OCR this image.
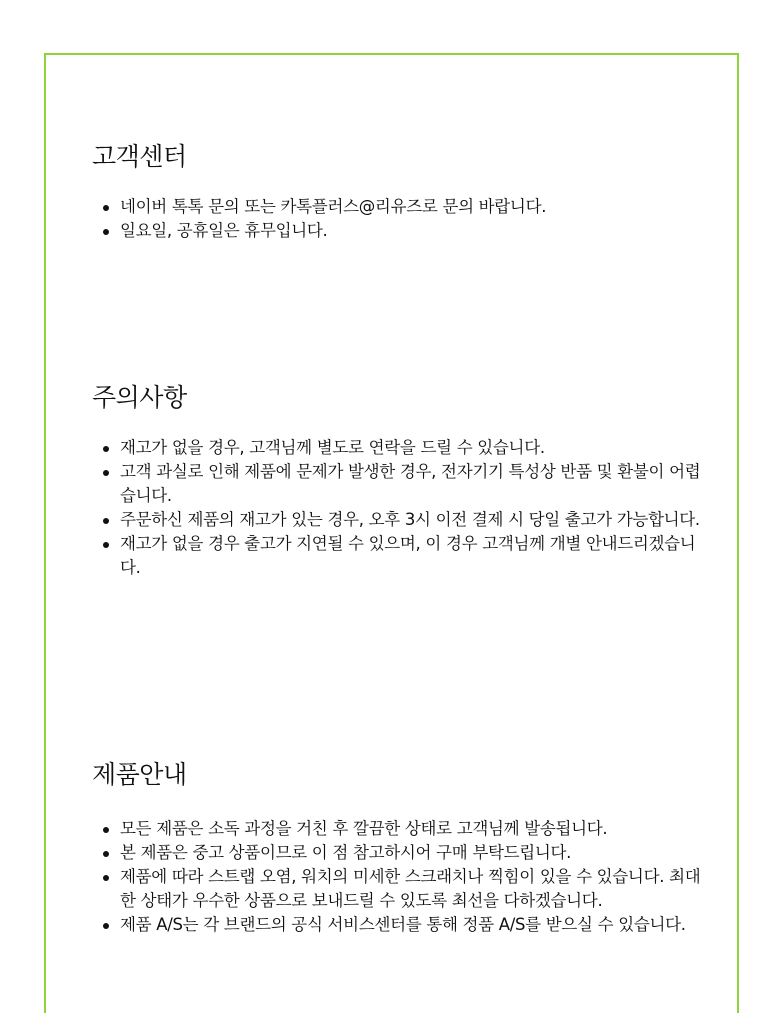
고객센터
네이버 톡톡 문의 또는 카톡플러스@리유즈로 문의 바랍니다.
일요일, 공휴일은 휴무입니다.
주의사항
재고가 없을 경우, 고객님께 별도로 연락을 드릴 수 있습니다.
고객 과실로 인해 제품에 문제가 발생한 경우, 전자기기 특성상 반품 및 환불이 어렵습니다.
주문하신 제품의 재고가 있는 경우, 오후 3시 이전 결제 시 당일 출고가 가능합니다.
재고가 없을 경우 출고가 지연될 수 있으며, 이 경우 고객님께 개별 안내드리겠습니다.
제품안내
모든 제품은 소독 과정을 거친 후 깔끔한 상태로 고객님께 발송됩니다.
본 제품은 중고 상품이므로 이 점 참고하시어 구매 부탁드립니다.
제품에 따라 스트랩 오염, 워치의 미세한 스크래치나 찍힘이 있을 수 있습니다. 최대한 상태가 우수한 상품으로 보내드릴 수 있도록 최선을 다하겠습니다.
제품 A/S는 각 브랜드의 공식 서비스센터를 통해 정품 A/S를 받으실 수 있습니다.
